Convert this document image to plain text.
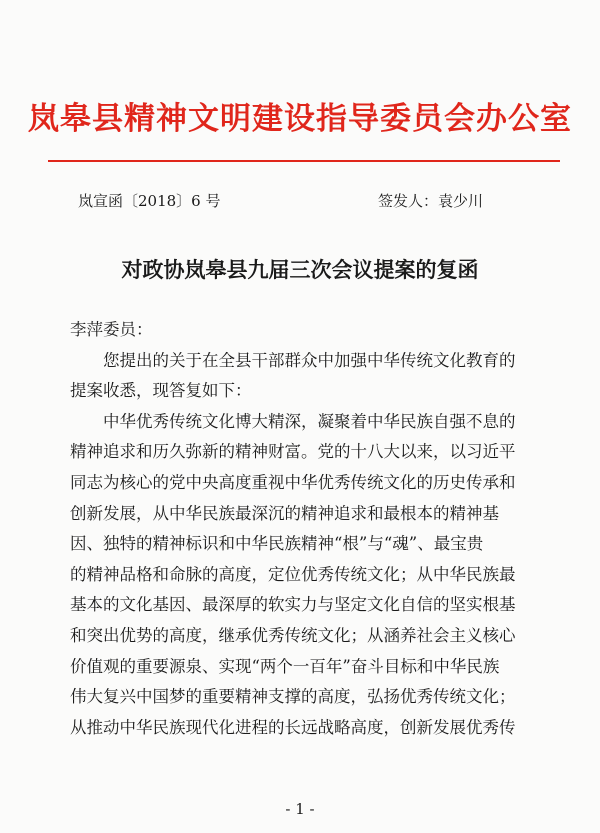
岚皋县精神文明建设指导委员会办公室
岚宣函〔2018〕6 号	签发人：袁少川
对政协岚皋县九届三次会议提案的复函
李萍委员：
您提出的关于在全县干部群众中加强中华传统文化教育的
提案收悉，现答复如下：
中华优秀传统文化博大精深，凝聚着中华民族自强不息的
精神追求和历久弥新的精神财富。党的十八大以来，以习近平
同志为核心的党中央高度重视中华优秀传统文化的历史传承和
创新发展，从中华民族最深沉的精神追求和最根本的精神基
因、独特的精神标识和中华民族精神“根”与“魂”、最宝贵
的精神品格和命脉的高度，定位优秀传统文化；从中华民族最
基本的文化基因、最深厚的软实力与坚定文化自信的坚实根基
和突出优势的高度，继承优秀传统文化；从涵养社会主义核心
价值观的重要源泉、实现“两个一百年”奋斗目标和中华民族
伟大复兴中国梦的重要精神支撑的高度，弘扬优秀传统文化；
从推动中华民族现代化进程的长远战略高度，创新发展优秀传
- 1 -
